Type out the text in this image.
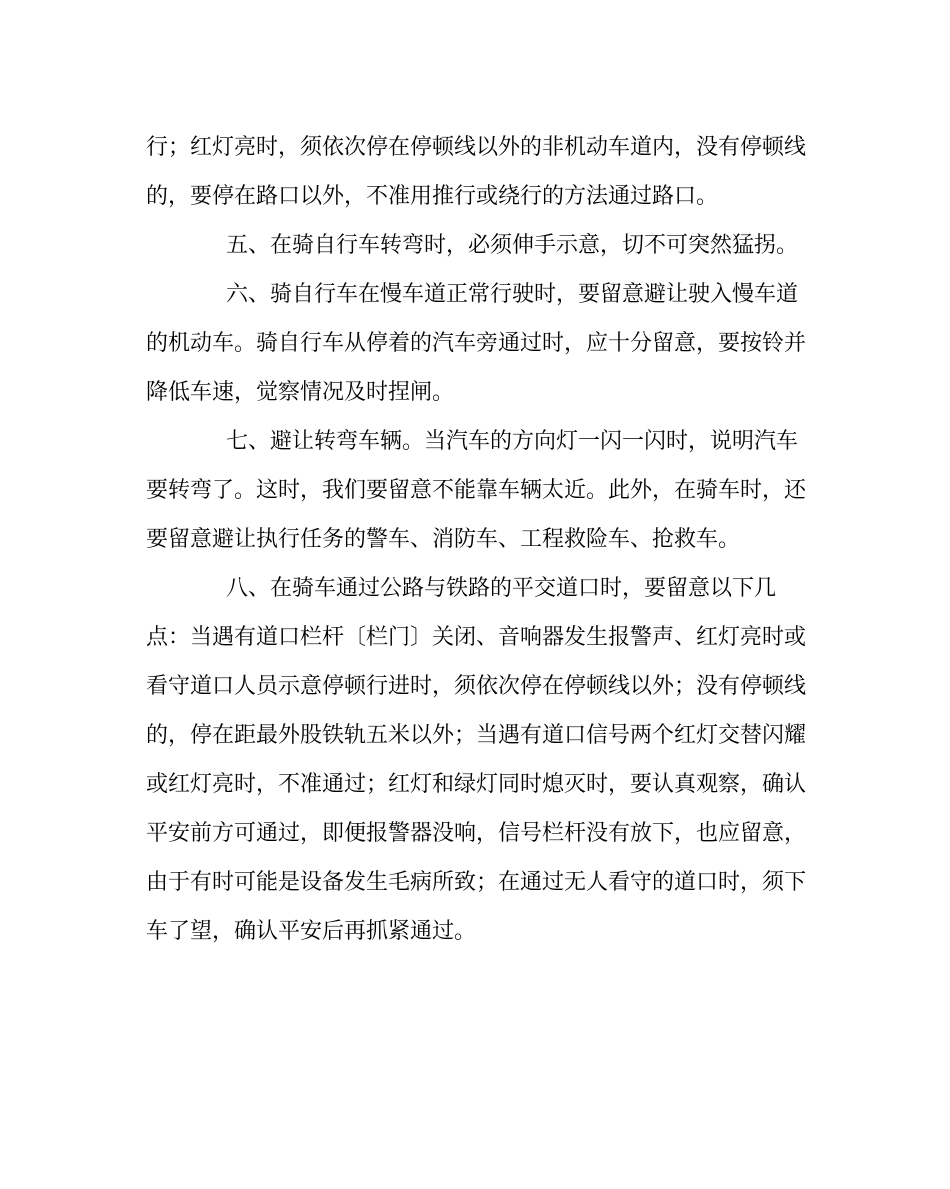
行；红灯亮时，须依次停在停顿线以外的非机动车道内，没有停顿线
的，要停在路口以外，不准用推行或绕行的方法通过路口。
五、在骑自行车转弯时，必须伸手示意，切不可突然猛拐。
六、骑自行车在慢车道正常行驶时，要留意避让驶入慢车道
的机动车。骑自行车从停着的汽车旁通过时，应十分留意，要按铃并
降低车速，觉察情况及时捏闸。
七、避让转弯车辆。当汽车的方向灯一闪一闪时，说明汽车
要转弯了。这时，我们要留意不能靠车辆太近。此外，在骑车时，还
要留意避让执行任务的警车、消防车、工程救险车、抢救车。
八、在骑车通过公路与铁路的平交道口时，要留意以下几
点：当遇有道口栏杆〔栏门〕关闭、音响器发生报警声、红灯亮时或
看守道口人员示意停顿行进时，须依次停在停顿线以外；没有停顿线
的，停在距最外股铁轨五米以外；当遇有道口信号两个红灯交替闪耀
或红灯亮时，不准通过；红灯和绿灯同时熄灭时，要认真观察，确认
平安前方可通过，即便报警器没响，信号栏杆没有放下，也应留意，
由于有时可能是设备发生毛病所致；在通过无人看守的道口时，须下
车了望，确认平安后再抓紧通过。
